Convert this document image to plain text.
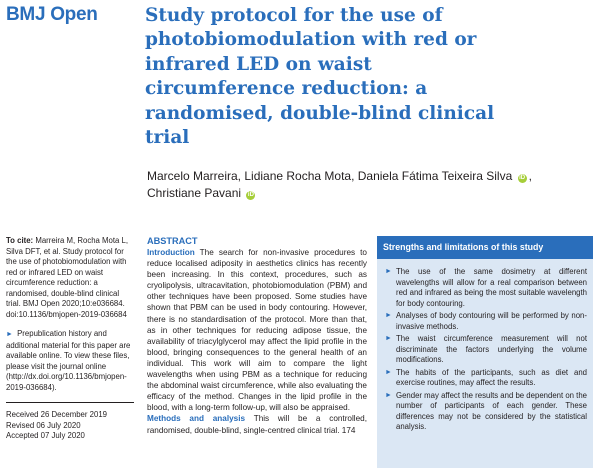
BMJ Open	Study protocol for the use of photobiomodulation with red or infrared LED on waist circumference reduction: a randomised, double-blind clinical trial
Marcelo Marreira, Lidiane Rocha Mota, Daniela Fátima Teixeira Silva iD ,
Christiane Pavani iD

To cite: Marreira M, Rocha Mota L, Silva DFT, et al. Study protocol for the use of photobiomodulation with red or infrared LED on waist circumference reduction: a randomised, double-blind clinical trial. BMJ Open 2020;10:e036684. doi:10.1136/bmjopen-2019-036684

► Prepublication history and additional material for this paper are available online. To view these files, please visit the journal online (http://dx.doi.org/10.1136/bmjopen-2019-036684).

Received 26 December 2019
Revised 06 July 2020
Accepted 07 July 2020
ABSTRACT

Introduction The search for non-invasive procedures to reduce localised adiposity in aesthetics clinics has recently been increasing. In this context, procedures, such as cryolipolysis, ultracavitation, photobiomodulation (PBM) and other techniques have been proposed. Some studies have shown that PBM can be used in body contouring. However, there is no standardisation of the protocol. More than that, as in other techniques for reducing adipose tissue, the availability of triacylglycerol may affect the lipid profile in the blood, bringing consequences to the general health of an individual. This work will aim to compare the light wavelengths when using PBM as a technique for reducing the abdominal waist circumference, while also evaluating the efficacy of the method. Changes in the lipid profile in the blood, with a long-term follow-up, will also be appraised.

Methods and analysis This will be a controlled, randomised, double-blind, single-centred clinical trial. 174

Strengths and limitations of this study
► The use of the same dosimetry at different wavelengths will allow for a real comparison between red and infrared as being the most suitable wavelength for body contouring.
► Analyses of body contouring will be performed by non-invasive methods.
► The waist circumference measurement will not discriminate the factors underlying the volume modifications.
► The habits of the participants, such as diet and exercise routines, may affect the results.
► Gender may affect the results and be dependent on the number of participants of each gender. These differences may not be considered by the statistical analysis.
